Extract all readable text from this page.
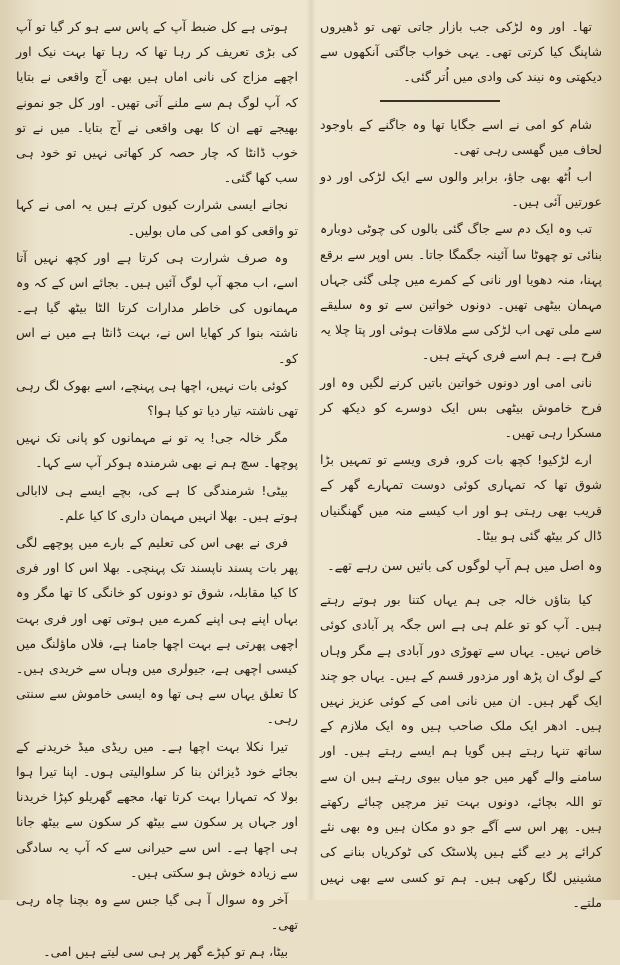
تھا۔ اور وہ لڑکی جب بازار جاتی تھی تو ڈھیروں شاپنگ کیا کرتی تھی۔ یہی خواب جاگتی آنکھوں سے دیکھتی وہ نیند کی وادی میں اُتر گئی۔

شام کو امی نے اسے جگایا تھا وہ جاگنے کے باوجود لحاف میں گھسی رہی تھی۔

اب اُٹھ بھی جاؤ، برابر والوں سے ایک لڑکی اور دو عورتیں آئی ہیں۔

تب وہ ایک دم سے جاگ گئی بالوں کی چوٹی دوبارہ بنائی تو چھوٹا سا آئینہ جگمگا جاتا۔ بس اوپر سے برقع پہنا، منہ دھویا اور نانی کے کمرے میں چلی گئی جہاں مہمان بیٹھی تھیں۔ دونوں خواتین سے تو وہ سلیقے سے ملی تھی اب لڑکی سے ملاقات ہوئی اور پتا چلا یہ فرح ہے۔ ہم اسے فری کہتے ہیں۔

نانی امی اور دونوں خواتین باتیں کرنے لگیں وہ اور فرح خاموش بیٹھی بس ایک دوسرے کو دیکھ کر مسکرا رہی تھیں۔

ارے لڑکیو! کچھ بات کرو، فری ویسے تو تمہیں بڑا شوق تھا کہ تمہاری کوئی دوست تمہارے گھر کے قریب بھی رہتی ہو اور اب کیسے منہ میں گھنگنیاں ڈال کر بیٹھ گئی ہو بیٹا۔

وہ اصل میں ہم آپ لوگوں کی باتیں سن رہے تھے۔

کیا بتاؤں خالہ جی ہم یہاں کتنا بور ہوتے رہتے ہیں۔ آپ کو تو علم ہی ہے اس جگہ پر آبادی کوئی خاص نہیں۔ یہاں سے تھوڑی دور آبادی ہے مگر وہاں کے لوگ ان پڑھ اور مزدور قسم کے ہیں۔ یہاں جو چند ایک گھر ہیں۔ ان میں نانی امی کے کوئی عزیز نہیں ہیں۔ ادھر ایک ملک صاحب ہیں وہ ایک ملازم کے ساتھ تنہا رہتے ہیں گویا ہم ایسے رہتے ہیں۔ اور سامنے والے گھر میں جو میاں بیوی رہتے ہیں ان سے تو اللہ بچائے، دونوں بہت تیز مرچیں چبائے رکھتے ہیں۔ پھر اس سے آگے جو دو مکان ہیں وہ بھی نئے کرائے پر دیے گئے ہیں پلاسٹک کی ٹوکریاں بنانے کی مشینیں لگا رکھی ہیں۔ ہم تو کسی سے بھی نہیں ملتے۔

ہوتی ہے کل ضبط آپ کے پاس سے ہو کر گیا تو آپ کی بڑی تعریف کر رہا تھا کہ رہا تھا بہت نیک اور اچھے مزاج کی نانی اماں ہیں بھی آج واقعی نے بتایا کہ آپ لوگ ہم سے ملنے آتی تھیں۔ اور کل جو نمونے بھیجے تھے ان کا بھی واقعی نے آج بتایا۔ میں نے تو خوب ڈانٹا کہ چار حصہ کر کھاتی نہیں تو خود ہی سب کھا گئی۔

نجانے ایسی شرارت کیوں کرتے ہیں یہ امی نے کہا تو واقعی کو امی کی ماں بولیں۔

وہ صرف شرارت ہی کرتا ہے اور کچھ نہیں آتا اسے، اب مجھ آپ لوگ آئیں ہیں۔ بجائے اس کے کہ وہ مہمانوں کی خاطر مدارات کرتا الٹا بیٹھ گیا ہے۔ ناشتہ بنوا کر کھایا اس نے، بہت ڈانٹا ہے میں نے اس کو۔

کوئی بات نہیں، اچھا ہی پہنچے، اسے بھوک لگ رہی تھی ناشتہ تیار دیا تو کیا ہوا؟

مگر خالہ جی! یہ تو نے مہمانوں کو پانی تک نہیں پوچھا۔ سچ ہم نے بھی شرمندہ ہوکر آپ سے کہا۔

بیٹی! شرمندگی کا ہے کی، بچے ایسے ہی لاابالی ہوتے ہیں۔ بھلا انہیں مہمان داری کا کیا علم۔

فری نے بھی اس کی تعلیم کے بارے میں پوچھے لگی پھر بات پسند ناپسند تک پہنچی۔ بھلا اس کا اور فری کا کیا مقابلہ، شوق تو دونوں کو خانگی کا تھا مگر وہ بہاں اپنے ہی اپنے کمرے میں ہوتی تھی اور فری بہت اچھی پھرتی ہے بہت اچھا جامنا ہے، فلاں ماؤلنگ میں کیسی اچھی ہے، جیولری میں وہاں سے خریدی ہیں۔ کا تعلق یہاں سے ہی تھا وہ ایسی خاموش سے سنتی رہی۔

تیرا نکلا بہت اچھا ہے۔ میں ریڈی میڈ خریدنے کے بجائے خود ڈیزائن بنا کر سلوالیتی ہوں۔ اپنا تیرا ہوا بولا کہ تمہارا بہت کرتا تھا، مجھے گھریلو کپڑا خریدنا اور جہاں پر سکون سے بیٹھ کر سکون سے بیٹھ جانا ہی اچھا ہے۔ اس سے حیرانی سے کہ آپ یہ سادگی سے زیادہ خوش ہو سکتی ہیں۔

آخر وہ سوال آ ہی گیا جس سے وہ بچنا چاہ رہی تھی۔

بیٹا، ہم تو کپڑے گھر پر ہی سی لیتے ہیں امی۔
